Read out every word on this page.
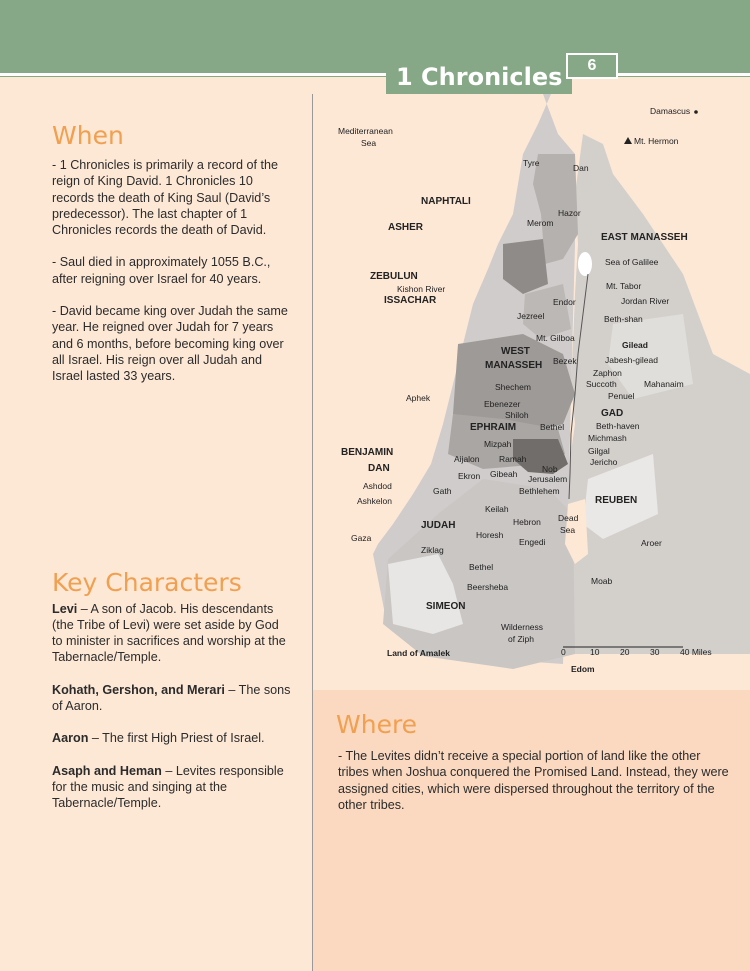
1 Chronicles	6
When

- 1 Chronicles is primarily a record of the reign of King David. 1 Chronicles 10 records the death of King Saul (David’s predecessor). The last chapter of 1 Chronicles records the death of David.

- Saul died in approximately 1055 B.C., after reigning over Israel for 40 years.

- David became king over Judah the same year. He reigned over Judah for 7 years and 6 months, before becoming king over all Israel. His reign over all Judah and Israel lasted 33 years.

Key Characters

Levi – A son of Jacob. His descendants (the Tribe of Levi) were set aside by God to minister in sacrifices and worship at the Tabernacle/Temple.

Kohath, Gershon, and Merari – The sons of Aaron.

Aaron – The first High Priest of Israel.

Asaph and Heman – Levites responsible for the music and singing at the Tabernacle/Temple.

Mediterranean
Sea
Damascus
Mt. Hermon
Tyre	Dan
NAPHTALI
Hazor
ASHER	Merom
EAST MANASSEH
Sea of Galilee
ZEBULUN
Kishon River	Mt. Tabor
ISSACHAR	Endor	Jordan River
Jezreel	Beth-shan
Mt. Gilboa
WEST
Gilead
MANASSEH Bezek	Jabesh-gilead
Zaphon
Succoth	Mahanaim
Shechem
Penuel
Aphek
Ebenezer
GAD
Shiloh
Beth-haven
EPHRAIM	Bethel
Michmash
Mizpah
Gilgal
BENJAMIN
Ramah	Jericho
Aijalon
DAN	Nob
Gibeah Jerusalem
Ekron
Ashdod	Bethlehem
Gath
REUBEN
Ashkelon
Keilah
Dead
Hebron
JUDAH	Sea
Horesh
Engedi
Gaza	Aroer
Ziklag
Bethel
Moab
Beersheba
SIMEON
Wilderness
of Ziph
Land of Amalek	0	10 20 30 40 Miles
Edom
Where

- The Levites didn’t receive a special portion of land like the other tribes when Joshua conquered the Promised Land. Instead, they were assigned cities, which were dispersed throughout the territory of the other tribes.
